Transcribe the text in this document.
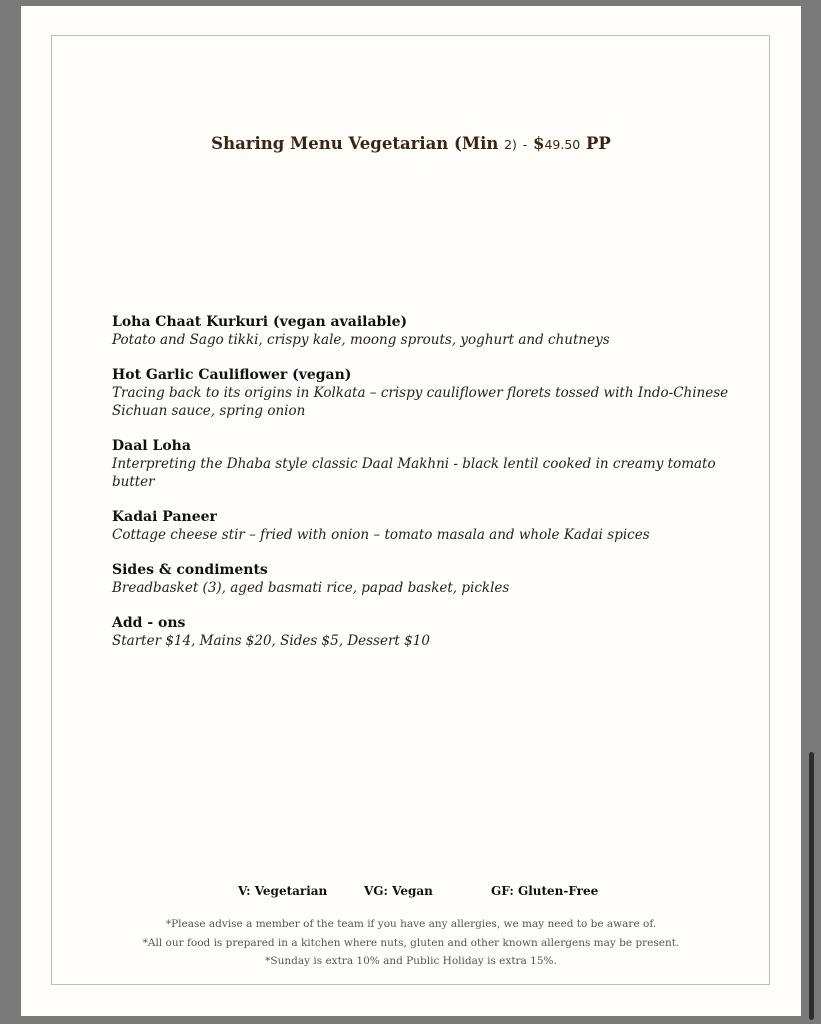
Sharing Menu Vegetarian (Min 2) - $49.50 PP
Loha Chaat Kurkuri (vegan available)
Potato and Sago tikki, crispy kale, moong sprouts, yoghurt and chutneys
Hot Garlic Cauliflower (vegan)
Tracing back to its origins in Kolkata – crispy cauliflower florets tossed with Indo-Chinese Sichuan sauce, spring onion
Daal Loha
Interpreting the Dhaba style classic Daal Makhni - black lentil cooked in creamy tomato butter
Kadai Paneer
Cottage cheese stir – fried with onion – tomato masala and whole Kadai spices
Sides & condiments
Breadbasket (3), aged basmati rice, papad basket, pickles
Add - ons
Starter $14, Mains $20, Sides $5, Dessert $10
V: Vegetarian	VG: Vegan	GF: Gluten-Free
*Please advise a member of the team if you have any allergies, we may need to be aware of.
*All our food is prepared in a kitchen where nuts, gluten and other known allergens may be present.
*Sunday is extra 10% and Public Holiday is extra 15%.
